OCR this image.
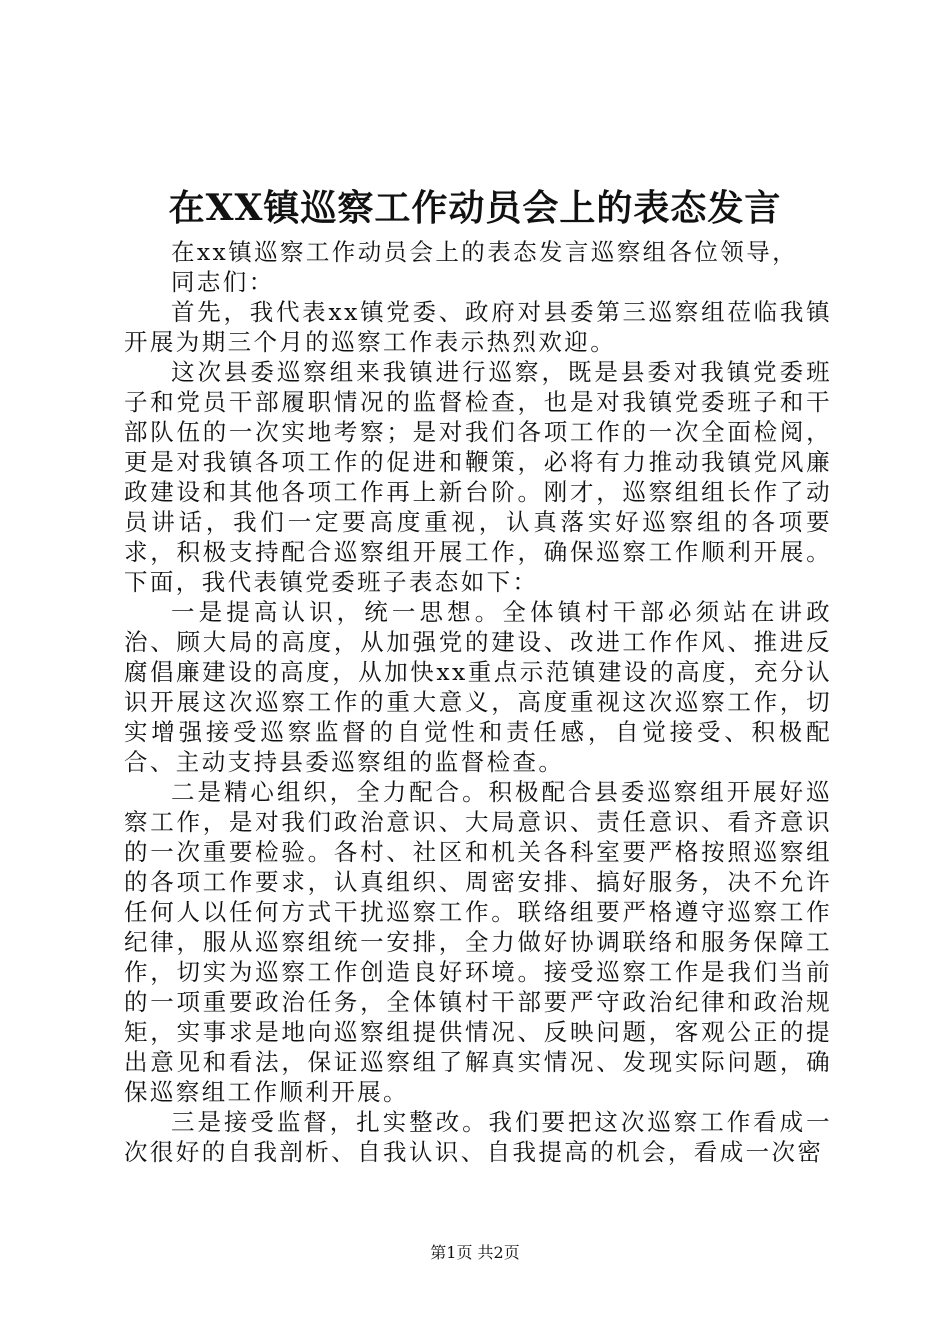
在XX镇巡察工作动员会上的表态发言

在xx镇巡察工作动员会上的表态发言巡察组各位领导，

同志们：

首先，我代表xx镇党委、政府对县委第三巡察组莅临我镇开展为期三个月的巡察工作表示热烈欢迎。

这次县委巡察组来我镇进行巡察，既是县委对我镇党委班子和党员干部履职情况的监督检查，也是对我镇党委班子和干部队伍的一次实地考察；是对我们各项工作的一次全面检阅，更是对我镇各项工作的促进和鞭策，必将有力推动我镇党风廉政建设和其他各项工作再上新台阶。刚才，巡察组组长作了动员讲话，我们一定要高度重视，认真落实好巡察组的各项要求，积极支持配合巡察组开展工作，确保巡察工作顺利开展。下面，我代表镇党委班子表态如下：

一是提高认识，统一思想。全体镇村干部必须站在讲政治、顾大局的高度，从加强党的建设、改进工作作风、推进反腐倡廉建设的高度，从加快xx重点示范镇建设的高度，充分认识开展这次巡察工作的重大意义，高度重视这次巡察工作，切实增强接受巡察监督的自觉性和责任感，自觉接受、积极配合、主动支持县委巡察组的监督检查。

二是精心组织，全力配合。积极配合县委巡察组开展好巡察工作，是对我们政治意识、大局意识、责任意识、看齐意识的一次重要检验。各村、社区和机关各科室要严格按照巡察组的各项工作要求，认真组织、周密安排、搞好服务，决不允许任何人以任何方式干扰巡察工作。联络组要严格遵守巡察工作纪律，服从巡察组统一安排，全力做好协调联络和服务保障工作，切实为巡察工作创造良好环境。接受巡察工作是我们当前的一项重要政治任务，全体镇村干部要严守政治纪律和政治规矩，实事求是地向巡察组提供情况、反映问题，客观公正的提出意见和看法，保证巡察组了解真实情况、发现实际问题，确保巡察组工作顺利开展。

三是接受监督，扎实整改。我们要把这次巡察工作看成一次很好的自我剖析、自我认识、自我提高的机会，看成一次密

第1页 共2页
